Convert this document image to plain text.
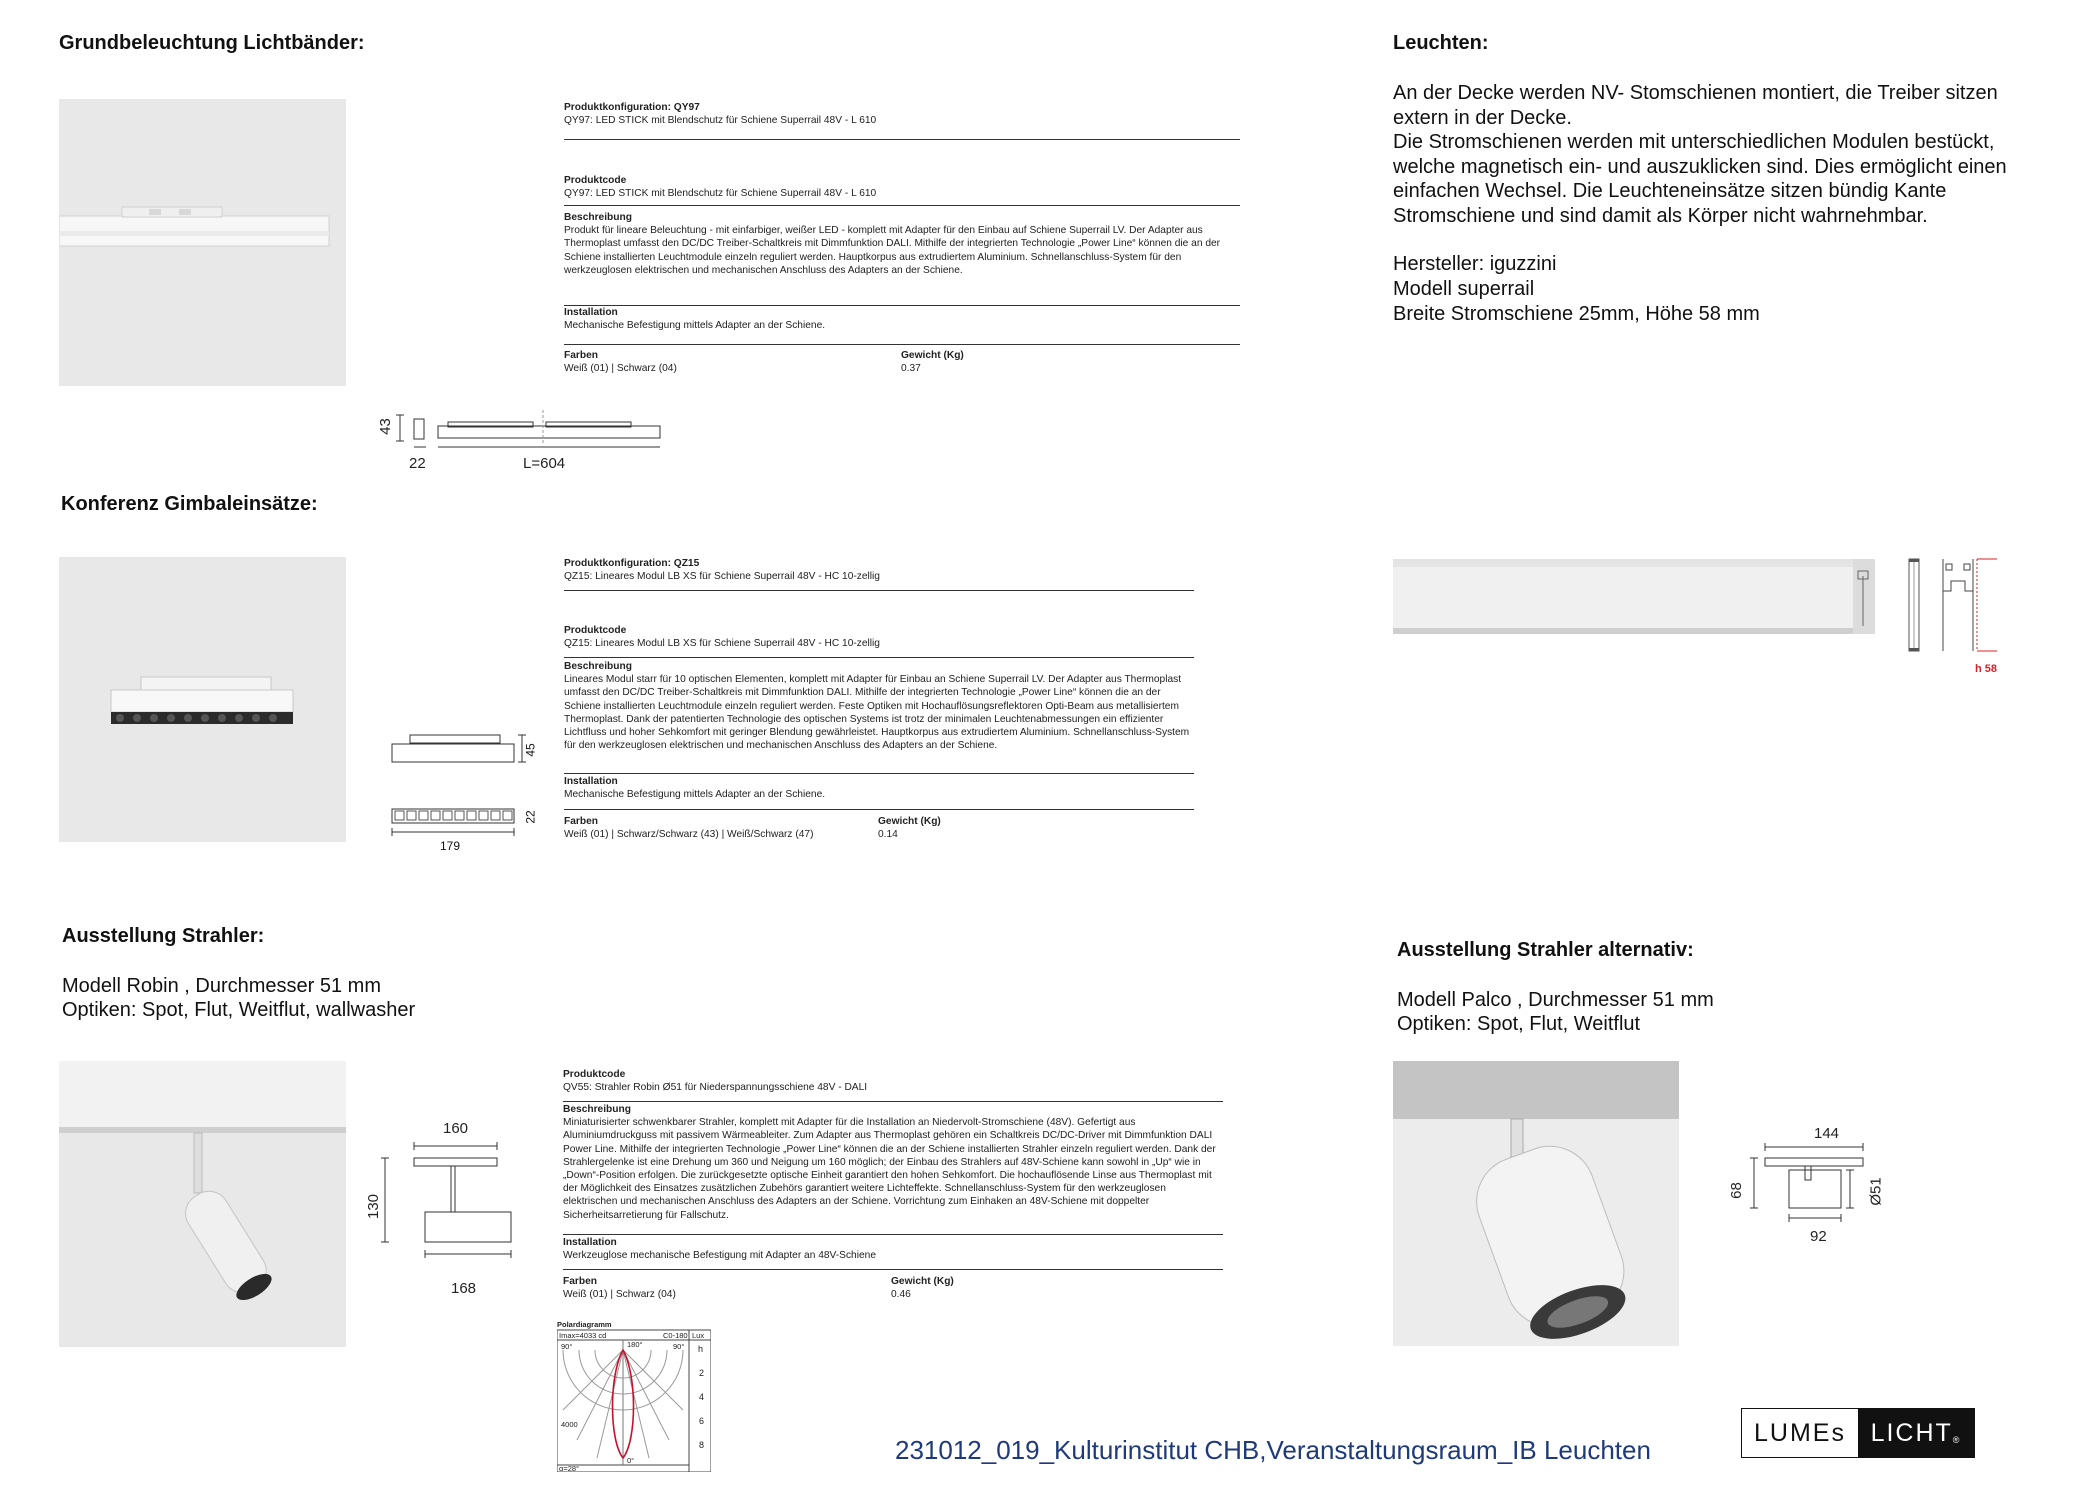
Grundbeleuchtung Lichtbänder:
Produktkonfiguration: QY97
QY97: LED STICK mit Blendschutz für Schiene Superrail 48V - L 610
Produktcode
QY97: LED STICK mit Blendschutz für Schiene Superrail 48V - L 610
Beschreibung
Produkt für lineare Beleuchtung - mit einfarbiger, weißer LED - komplett mit Adapter für den Einbau auf Schiene Superrail LV. Der Adapter aus Thermoplast umfasst den DC/DC Treiber-Schaltkreis mit Dimmfunktion DALI. Mithilfe der integrierten Technologie „Power Line“ können die an der Schiene installierten Leuchtmodule einzeln reguliert werden. Hauptkorpus aus extrudiertem Aluminium. Schnellanschluss-System für den werkzeuglosen elektrischen und mechanischen Anschluss des Adapters an der Schiene.
Installation
Mechanische Befestigung mittels Adapter an der Schiene.
Farben
Weiß (01) | Schwarz (04)
Gewicht (Kg)
0.37
43
22	L=604
Leuchten:
An der Decke werden NV- Stomschienen montiert, die Treiber sitzen extern in der Decke.
Die Stromschienen werden mit unterschiedlichen Modulen bestückt, welche magnetisch ein- und auszuklicken sind. Dies ermöglicht einen einfachen Wechsel. Die Leuchteneinsätze sitzen bündig Kante Stromschiene und sind damit als Körper nicht wahrnehmbar.
Hersteller: iguzzini
Modell superrail
Breite Stromschiene 25mm, Höhe 58 mm
h 58
Konferenz Gimbaleinsätze:
Produktkonfiguration: QZ15
QZ15: Lineares Modul LB XS für Schiene Superrail 48V - HC 10-zellig
Produktcode
QZ15: Lineares Modul LB XS für Schiene Superrail 48V - HC 10-zellig
Beschreibung
Lineares Modul starr für 10 optischen Elementen, komplett mit Adapter für Einbau an Schiene Superrail LV. Der Adapter aus Thermoplast umfasst den DC/DC Treiber-Schaltkreis mit Dimmfunktion DALI. Mithilfe der integrierten Technologie „Power Line“ können die an der Schiene installierten Leuchtmodule einzeln reguliert werden. Feste Optiken mit Hochauflösungsreflektoren Opti-Beam aus metallisiertem Thermoplast. Dank der patentierten Technologie des optischen Systems ist trotz der minimalen Leuchtenabmessungen ein effizienter Lichtfluss und hoher Sehkomfort mit geringer Blendung gewährleistet. Hauptkorpus aus extrudiertem Aluminium. Schnellanschluss-System für den werkzeuglosen elektrischen und mechanischen Anschluss des Adapters an der Schiene.
Installation
Mechanische Befestigung mittels Adapter an der Schiene.
Farben
Weiß (01) | Schwarz/Schwarz (43) | Weiß/Schwarz (47)
Gewicht (Kg)
0.14
45
22
179
Ausstellung Strahler:
Modell Robin , Durchmesser 51 mm
Optiken: Spot, Flut, Weitflut, wallwasher
Produktcode
QV55: Strahler Robin Ø51 für Niederspannungsschiene 48V - DALI
Beschreibung
Miniaturisierter schwenkbarer Strahler, komplett mit Adapter für die Installation an Niedervolt-Stromschiene (48V). Gefertigt aus Aluminiumdruckguss mit passivem Wärmeableiter. Zum Adapter aus Thermoplast gehören ein Schaltkreis DC/DC-Driver mit Dimmfunktion DALI Power Line. Mithilfe der integrierten Technologie „Power Line“ können die an der Schiene installierten Strahler einzeln reguliert werden. Dank der Strahlergelenke ist eine Drehung um 360 und Neigung um 160 möglich; der Einbau des Strahlers auf 48V-Schiene kann sowohl in „Up“ wie in „Down“-Position erfolgen. Die zurückgesetzte optische Einheit garantiert den hohen Sehkomfort. Die hochauflösende Linse aus Thermoplast mit der Möglichkeit des Einsatzes zusätzlichen Zubehörs garantiert weitere Lichteffekte. Schnellanschluss-System für den werkzeuglosen elektrischen und mechanischen Anschluss des Adapters an der Schiene. Vorrichtung zum Einhaken an 48V-Schiene mit doppelter Sicherheitsarretierung für Fallschutz.
Installation
Werkzeuglose mechanische Befestigung mit Adapter an 48V-Schiene
Farben
Weiß (01) | Schwarz (04)
Gewicht (Kg)
0.46
160
130
168
Polardiagramm
Imax=4033 cd	C0-180 Lux
90°	90°
180°
0°
4000
α=28°
h
2
4
6
8
Ausstellung Strahler alternativ:
Modell Palco , Durchmesser 51 mm
Optiken: Spot, Flut, Weitflut
144
68	Ø51
92
231012_019_Kulturinstitut CHB,Veranstaltungsraum_IB Leuchten
LUMEs LICHT ®
